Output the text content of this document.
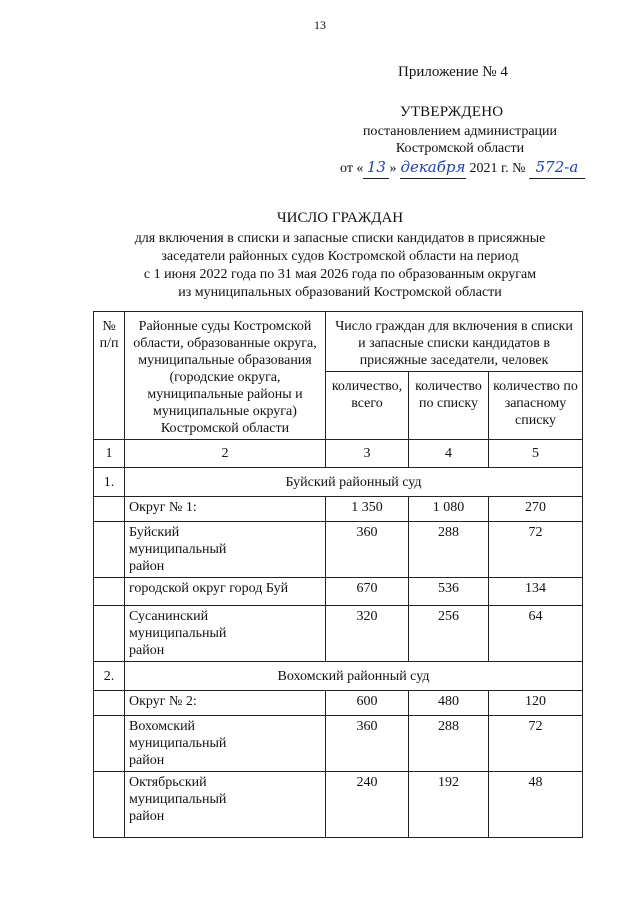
13
Приложение № 4
УТВЕРЖДЕНО
постановлением администрации
Костромской области
от « 13 » декабря 2021 г. № 572-а
ЧИСЛО ГРАЖДАН
для включения в списки и запасные списки кандидатов в присяжные
заседатели районных судов Костромской области на период
с 1 июня 2022 года по 31 мая 2026 года по образованным округам
из муниципальных образований Костромской области
№ п/п	Районные суды Костромской области, образованные округа, муниципальные образования (городские округа, муниципальные районы и муниципальные округа) Костромской области	Число граждан для включения в списки и запасные списки кандидатов в присяжные заседатели, человек		
		количество, всего	количество по списку	количество по запасному списку
1	2	3	4	5
1.	Буйский районный суд			
	Округ № 1:	1 350	1 080	270
	Буйский муниципальный район	360	288	72
	городской округ город Буй	670	536	134
	Сусанинский муниципальный район	320	256	64
2.	Вохомский районный суд			
	Округ № 2:	600	480	120
	Вохомский муниципальный район	360	288	72
	Октябрьский муниципальный район	240	192	48
